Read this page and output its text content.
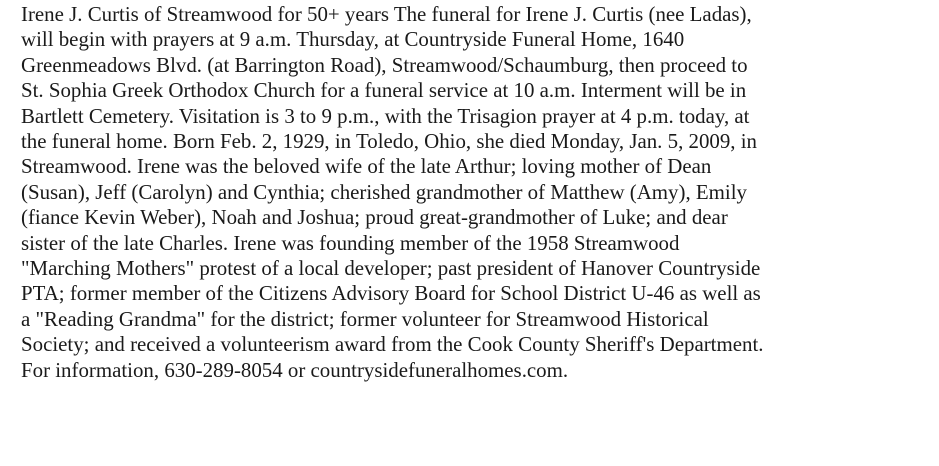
Irene J. Curtis of Streamwood for 50+ years The funeral for Irene J. Curtis (nee Ladas),
will begin with prayers at 9 a.m. Thursday, at Countryside Funeral Home, 1640
Greenmeadows Blvd. (at Barrington Road), Streamwood/Schaumburg, then proceed to
St. Sophia Greek Orthodox Church for a funeral service at 10 a.m. Interment will be in
Bartlett Cemetery. Visitation is 3 to 9 p.m., with the Trisagion prayer at 4 p.m. today, at
the funeral home. Born Feb. 2, 1929, in Toledo, Ohio, she died Monday, Jan. 5, 2009, in
Streamwood. Irene was the beloved wife of the late Arthur; loving mother of Dean
(Susan), Jeff (Carolyn) and Cynthia; cherished grandmother of Matthew (Amy), Emily
(fiance Kevin Weber), Noah and Joshua; proud great-grandmother of Luke; and dear
sister of the late Charles. Irene was founding member of the 1958 Streamwood
"Marching Mothers" protest of a local developer; past president of Hanover Countryside
PTA; former member of the Citizens Advisory Board for School District U-46 as well as
a "Reading Grandma" for the district; former volunteer for Streamwood Historical
Society; and received a volunteerism award from the Cook County Sheriff's Department.
For information, 630-289-8054 or countrysidefuneralhomes.com.
